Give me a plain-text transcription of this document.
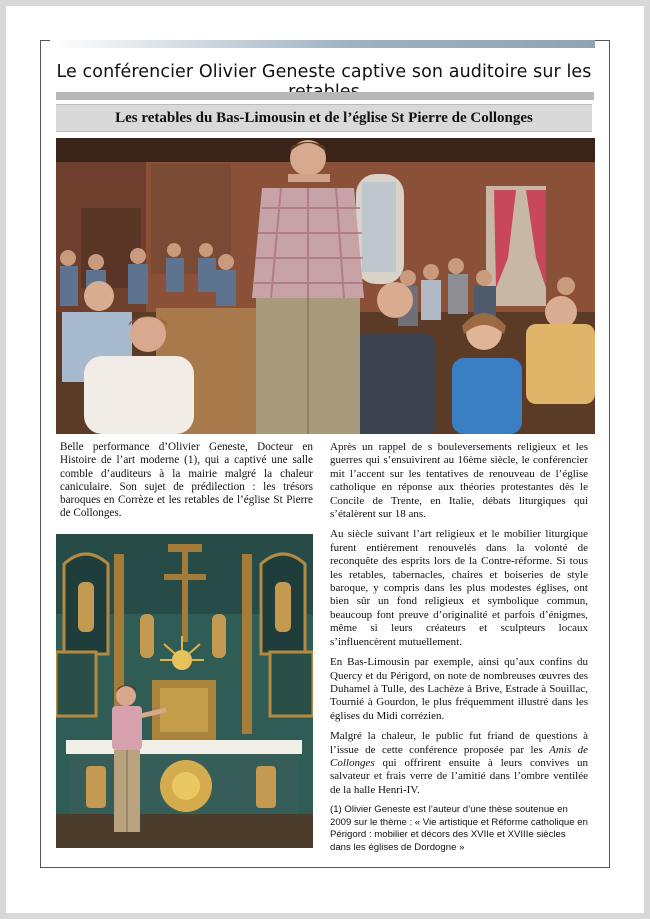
Le conférencier Olivier Geneste captive son auditoire sur les
Les retables du Bas-Limousin et de l’église St Pierre de Collonges
Belle performance d’Olivier Geneste, Docteur en Histoire de l’art moderne (1), qui a captivé une salle comble d’auditeurs à la mairie malgré la chaleur caniculaire. Son sujet de prédilection : les trésors baroques en Corrèze et les retables de l’église St Pierre de Collonges.

Après un rappel de s bouleversements religieux et les guerres qui s’ensuivirent au 16ème siècle, le conférencier mit l’accent sur les tentatives de renouveau de l’église catholique en réponse aux théories protestantes dès le Concile de Trente, en Italie, débats liturgiques qui s’étalèrent sur 18 ans.

Au siècle suivant l’art religieux et le mobilier liturgique furent entièrement renouvelés dans la volonté de reconquête des esprits lors de la Contre-réforme. Si tous les retables, tabernacles, chaires et boiseries de style baroque, y compris dans les plus modestes églises, ont bien sûr un fond religieux et symbolique commun, beaucoup font preuve d’originalité et parfois d’énigmes, même si leurs créateurs et sculpteurs locaux s’influencèrent mutuellement.

En Bas-Limousin par exemple, ainsi qu’aux confins du Quercy et du Périgord, on note de nombreuses œuvres des Duhamel à Tulle, des Lachèze à Brive, Estrade à Souillac, Tournié à Gourdon, le plus fréquemment illustré dans les églises du Midi corrézien.

Malgré la chaleur, le public fut friand de questions à l’issue de cette conférence proposée par les Amis de Collonges qui offrirent ensuite à leurs convives un salvateur et frais verre de l’amitié dans l’ombre ventilée de la halle Henri-IV.

(1) Olivier Geneste est l’auteur d’une thèse soutenue en 2009 sur le thème : « Vie artistique et Réforme catholique en Périgord : mobilier et décors des XVIIe et XVIIIe siècles dans les églises de Dordogne »
